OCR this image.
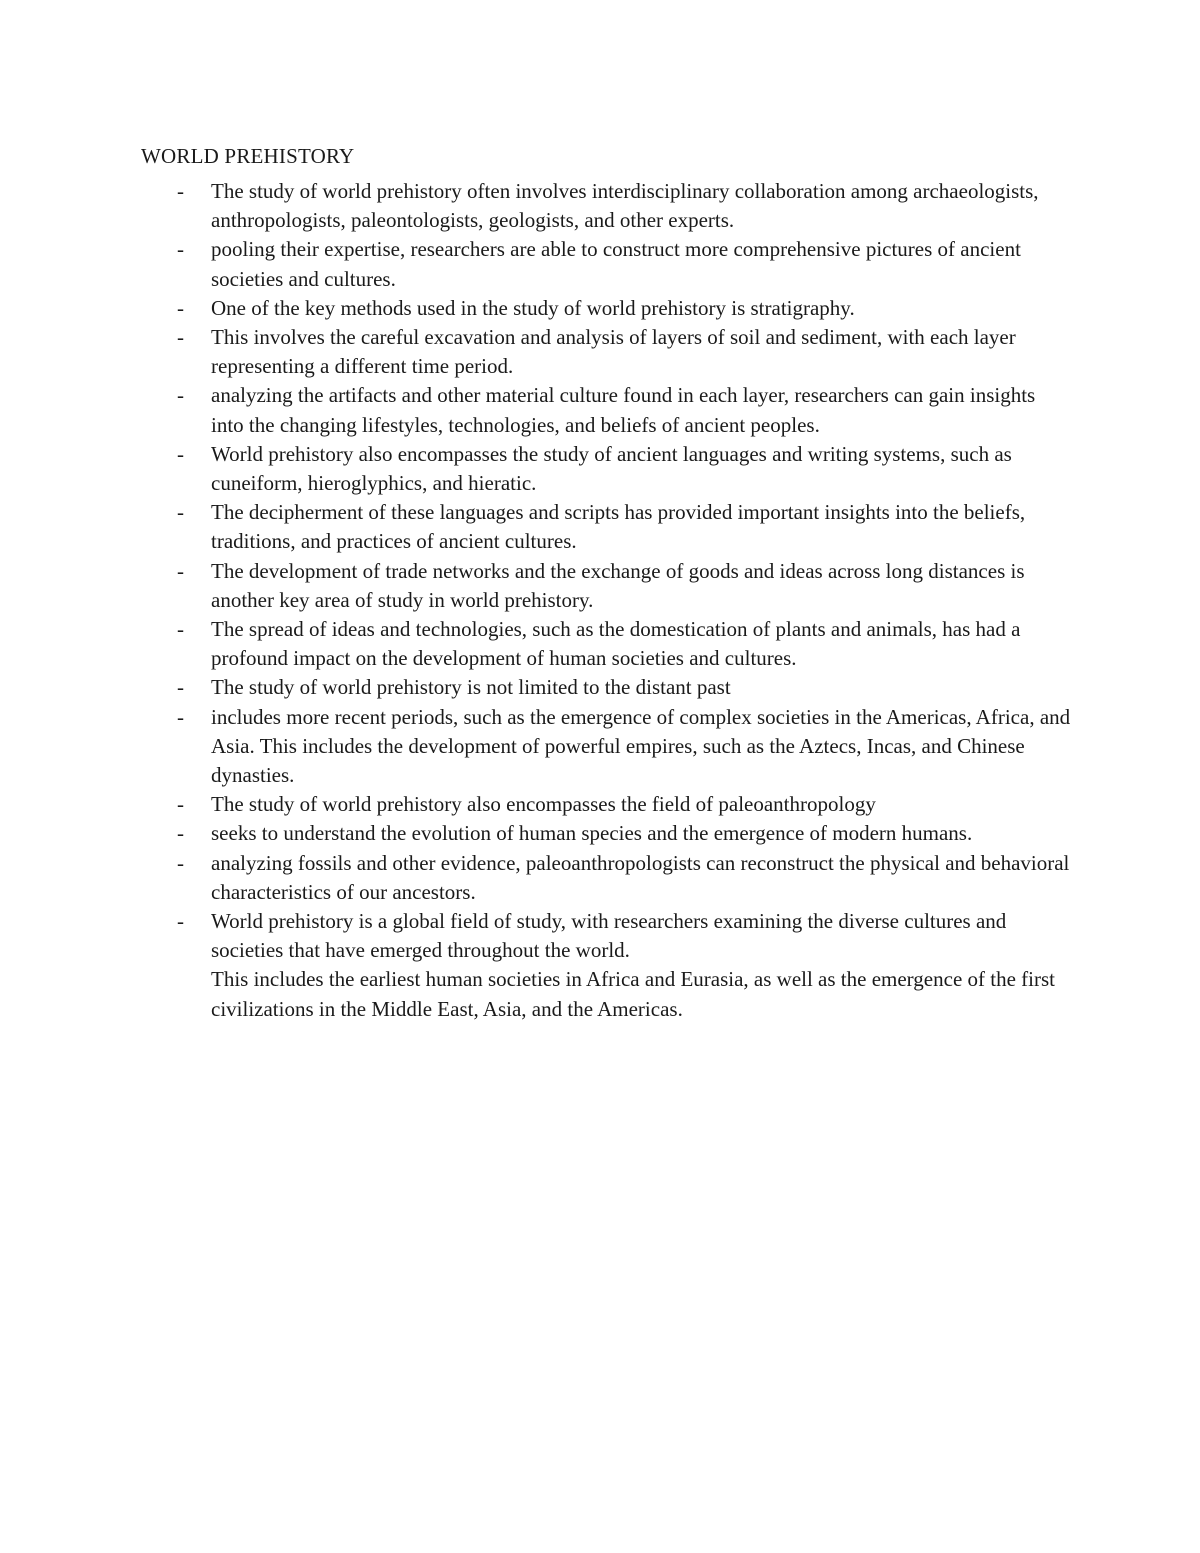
WORLD PREHISTORY
- The study of world prehistory often involves interdisciplinary collaboration among archaeologists, anthropologists, paleontologists, geologists, and other experts.
- pooling their expertise, researchers are able to construct more comprehensive pictures of ancient societies and cultures.
- One of the key methods used in the study of world prehistory is stratigraphy.
- This involves the careful excavation and analysis of layers of soil and sediment, with each layer representing a different time period.
- analyzing the artifacts and other material culture found in each layer, researchers can gain insights into the changing lifestyles, technologies, and beliefs of ancient peoples.
- World prehistory also encompasses the study of ancient languages and writing systems, such as cuneiform, hieroglyphics, and hieratic.
- The decipherment of these languages and scripts has provided important insights into the beliefs, traditions, and practices of ancient cultures.
- The development of trade networks and the exchange of goods and ideas across long distances is another key area of study in world prehistory.
- The spread of ideas and technologies, such as the domestication of plants and animals, has had a profound impact on the development of human societies and cultures.
- The study of world prehistory is not limited to the distant past
- includes more recent periods, such as the emergence of complex societies in the Americas, Africa, and Asia. This includes the development of powerful empires, such as the Aztecs, Incas, and Chinese dynasties.
- The study of world prehistory also encompasses the field of paleoanthropology
- seeks to understand the evolution of human species and the emergence of modern humans.
- analyzing fossils and other evidence, paleoanthropologists can reconstruct the physical and behavioral characteristics of our ancestors.
- World prehistory is a global field of study, with researchers examining the diverse cultures and societies that have emerged throughout the world.

This includes the earliest human societies in Africa and Eurasia, as well as the emergence of the first civilizations in the Middle East, Asia, and the Americas.
